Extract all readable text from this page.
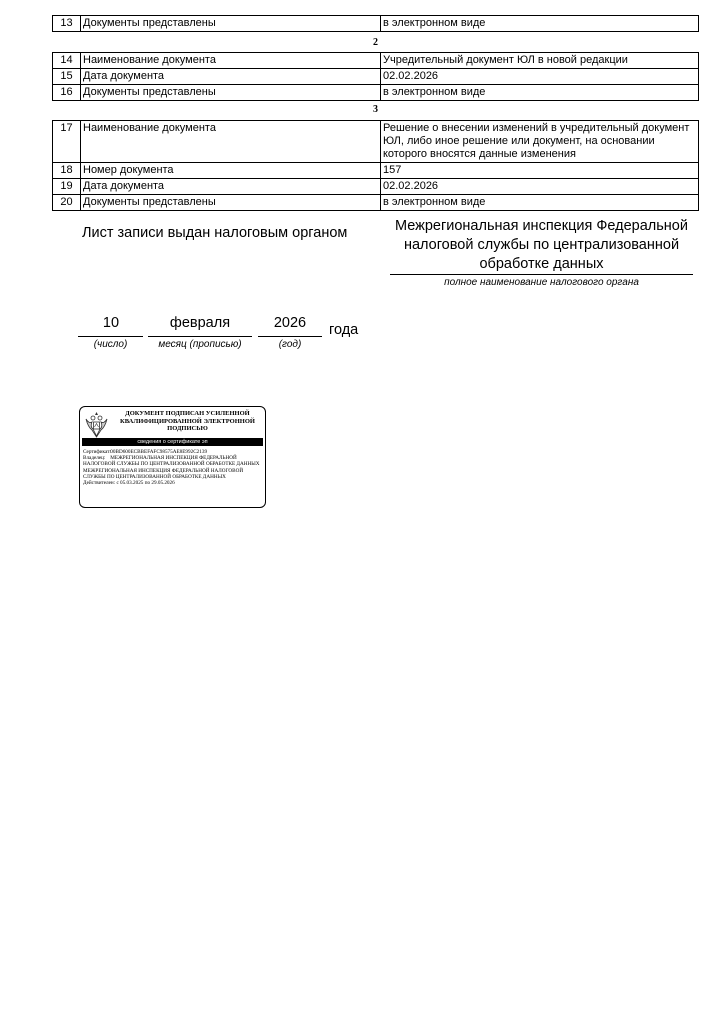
13	Документы представлены	в электронном виде
2
14	Наименование документа	Учредительный документ ЮЛ в новой редакции
15	Дата документа	02.02.2026
16	Документы представлены	в электронном виде
3
17	Наименование документа	Решение о внесении изменений в учредительный документ ЮЛ, либо иное решение или документ, на основании которого вносятся данные изменения
18	Номер документа	157
19	Дата документа	02.02.2026
20	Документы представлены	в электронном виде
Лист записи выдан налоговым органом	Межрегиональная инспекция Федеральной налоговой службы по централизованной обработке данных
полное наименование налогового органа
10
(число)
февраля
месяц (прописью)
2026
(год)
года
ДОКУМЕНТ ПОДПИСАН УСИЛЕННОЙ КВАЛИФИЦИРОВАННОЙ ЭЛЕКТРОННОЙ ПОДПИСЬЮ
сведения о сертификате эп
Сертификат: 00BD600ECBBEFAFC98575AE8E992C2139
Владелец: МЕЖРЕГИОНАЛЬНАЯ ИНСПЕКЦИЯ ФЕДЕРАЛЬНОЙ НАЛОГОВОЙ СЛУЖБЫ ПО ЦЕНТРАЛИЗОВАННОЙ ОБРАБОТКЕ ДАННЫХ МЕЖРЕГИОНАЛЬНАЯ ИНСПЕКЦИЯ ФЕДЕРАЛЬНОЙ НАЛОГОВОЙ СЛУЖБЫ ПО ЦЕНТРАЛИЗОВАННОЙ ОБРАБОТКЕ ДАННЫХ
Действителен: с 05.03.2025 по 29.05.2026
